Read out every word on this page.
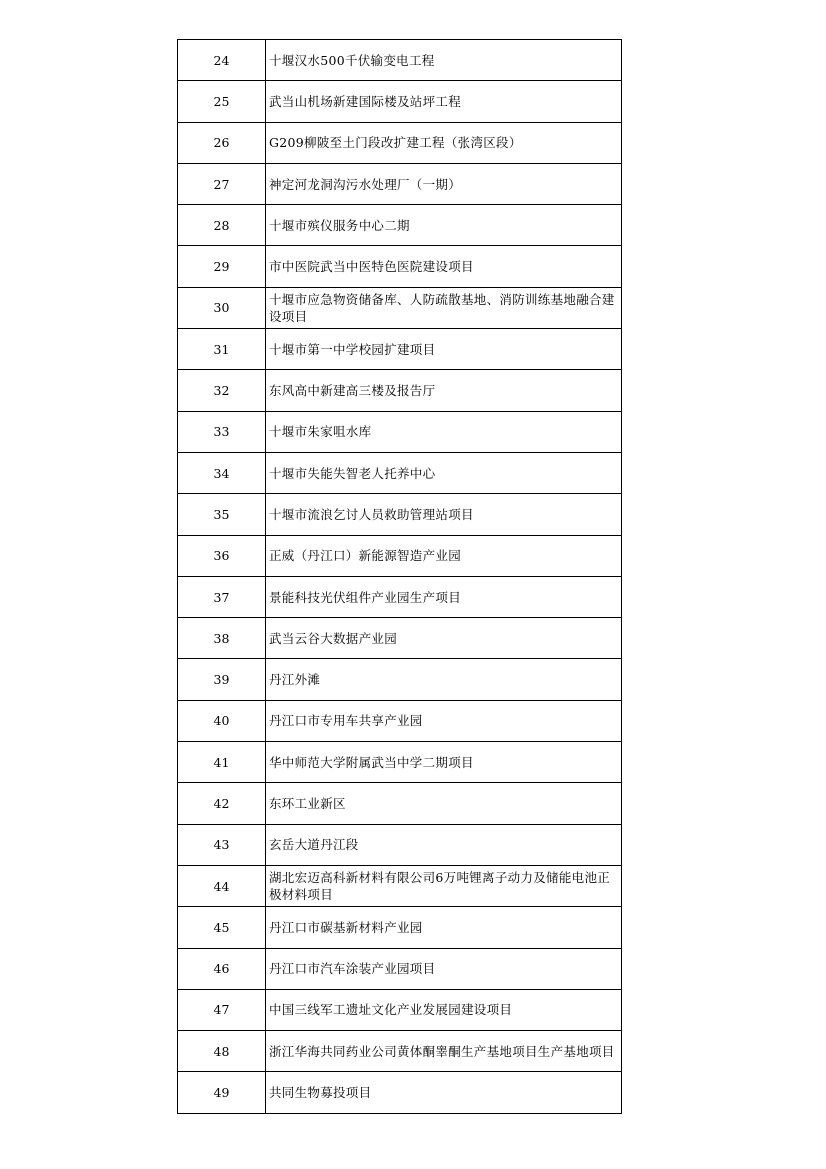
24	十堰汉水500千伏输变电工程
25	武当山机场新建国际楼及站坪工程
26	G209柳陂至土门段改扩建工程（张湾区段）
27	神定河龙洞沟污水处理厂（一期）
28	十堰市殡仪服务中心二期
29	市中医院武当中医特色医院建设项目
30	十堰市应急物资储备库、人防疏散基地、消防训练基地融合建设项目
31	十堰市第一中学校园扩建项目
32	东风高中新建高三楼及报告厅
33	十堰市朱家咀水库
34	十堰市失能失智老人托养中心
35	十堰市流浪乞讨人员救助管理站项目
36	正威（丹江口）新能源智造产业园
37	景能科技光伏组件产业园生产项目
38	武当云谷大数据产业园
39	丹江外滩
40	丹江口市专用车共享产业园
41	华中师范大学附属武当中学二期项目
42	东环工业新区
43	玄岳大道丹江段
44	湖北宏迈高科新材料有限公司6万吨锂离子动力及储能电池正极材料项目
45	丹江口市碳基新材料产业园
46	丹江口市汽车涂装产业园项目
47	中国三线军工遗址文化产业发展园建设项目
48	浙江华海共同药业公司黄体酮睾酮生产基地项目生产基地项目
49	共同生物募投项目
